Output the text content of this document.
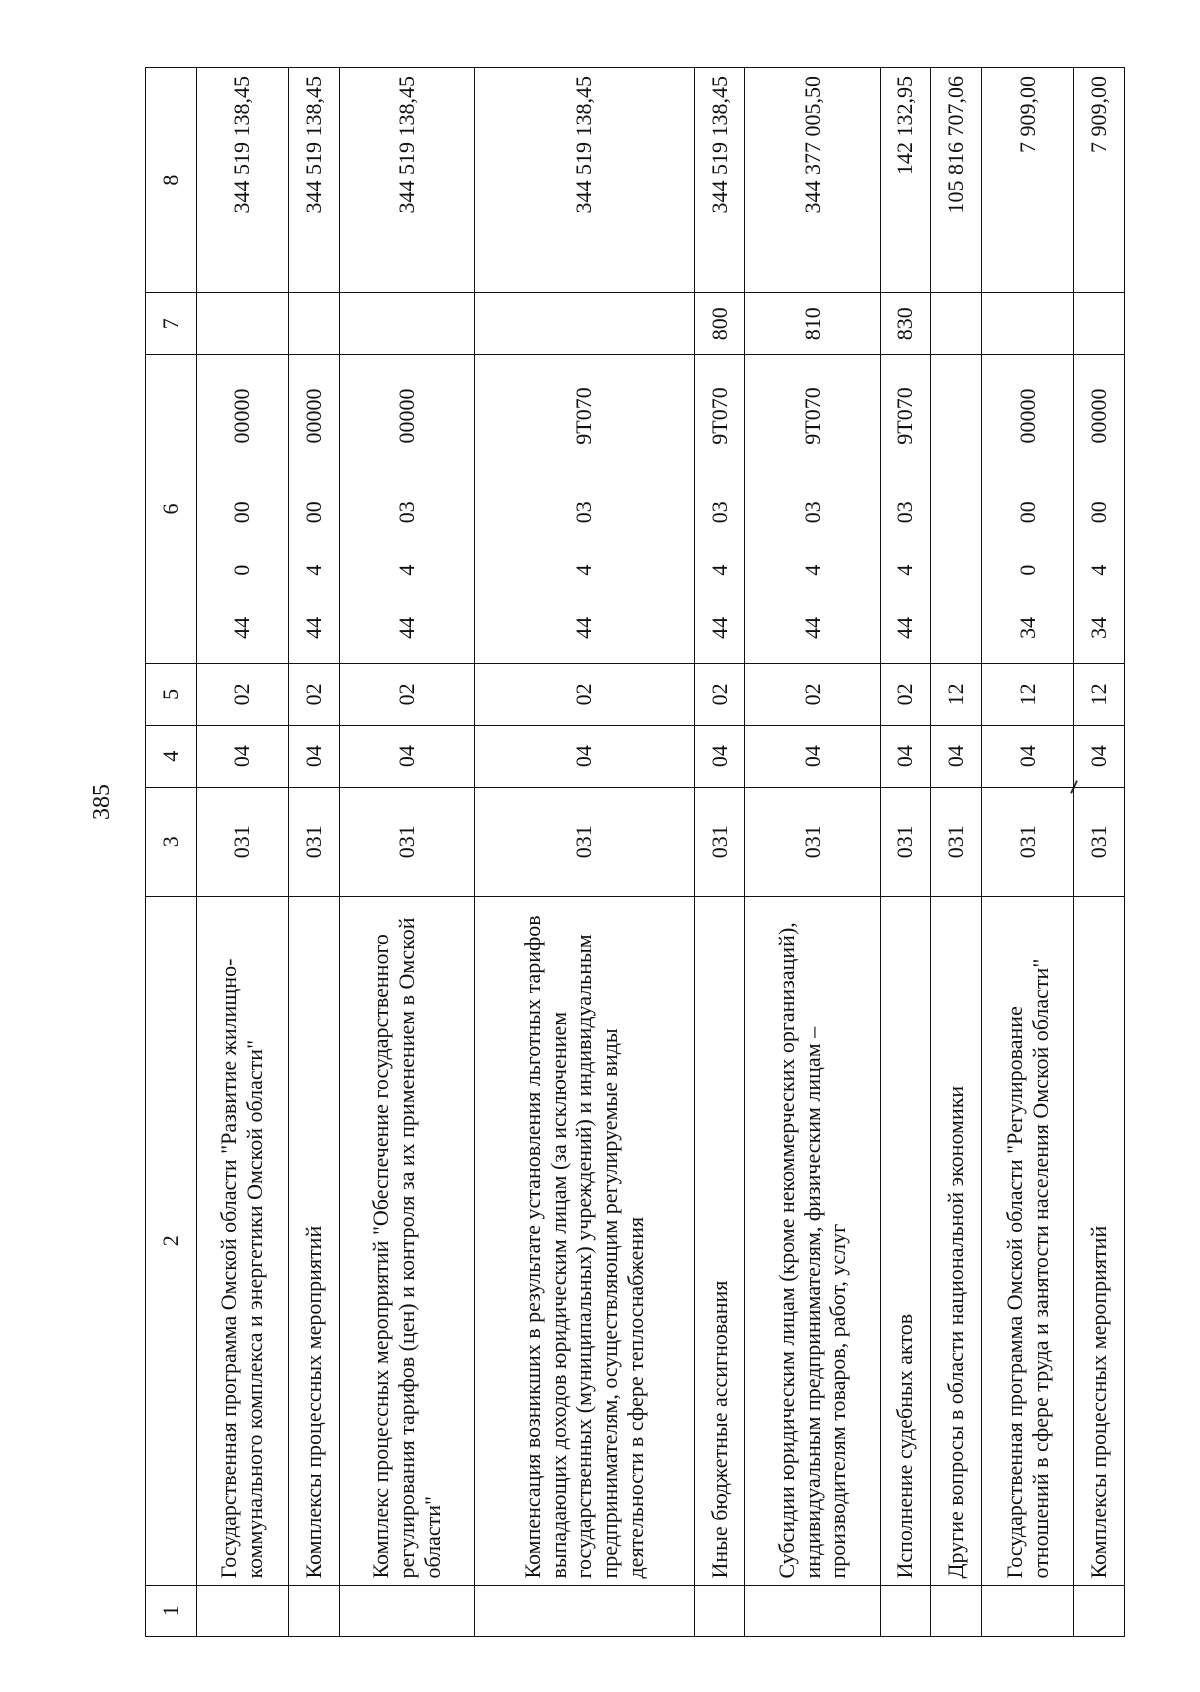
385
1	2	3	4	5	6				7	8
	Государственная программа Омской области "Развитие жилищно-коммунального комплекса и энергетики Омской области"	031	04	02	44	0	00	00000		344 519 138,45
	Комплексы процессных мероприятий	031	04	02	44	4	00	00000		344 519 138,45
	Комплекс процессных мероприятий "Обеспечение государственного регулирования тарифов (цен) и контроля за их применением в Омской области"	031	04	02	44	4	03	00000		344 519 138,45
	Компенсация возникших в результате установления льготных тарифов выпадающих доходов юридическим лицам (за исключением государственных (муниципальных) учреждений) и индивидуальным предпринимателям, осуществляющим регулируемые виды деятельности в сфере теплоснабжения	031	04	02	44	4	03	9Т070		344 519 138,45
	Иные бюджетные ассигнования	031	04	02	44	4	03	9Т070	800	344 519 138,45
	Субсидии юридическим лицам (кроме некоммерческих организаций), индивидуальным предпринимателям, физическим лицам – производителям товаров, работ, услуг	031	04	02	44	4	03	9Т070	810	344 377 005,50
	Исполнение судебных актов	031	04	02	44	4	03	9Т070	830	142 132,95
	Другие вопросы в области национальной экономики	031	04	12						105 816 707,06
	Государственная программа Омской области "Регулирование отношений в сфере труда и занятости населения Омской области"	031	04	12	34	0	00	00000		7 909,00
	Комплексы процессных мероприятий	031	04	12	34	4	00	00000		7 909,00
